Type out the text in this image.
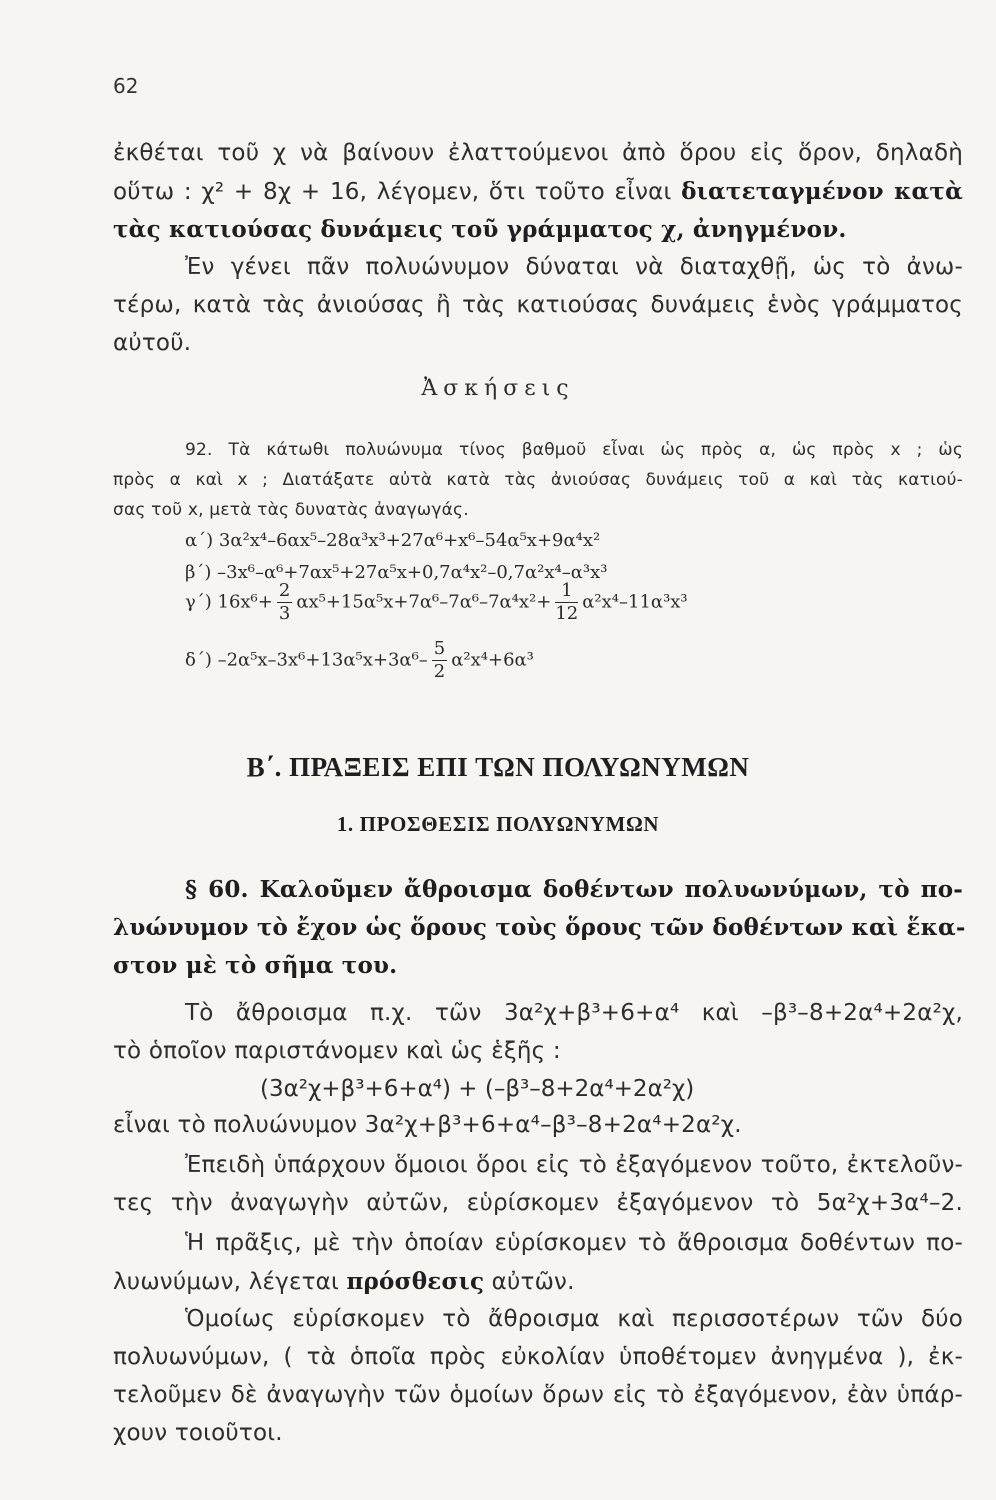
62
ἐκθέται τοῦ χ νὰ βαίνουν ἐλαττούμενοι ἀπὸ ὅρου εἰς ὅρον, δηλαδὴ
οὕτω : χ² + 8χ + 16, λέγομεν, ὅτι τοῦτο εἶναι διατεταγμένον κατὰ
τὰς κατιούσας δυνάμεις τοῦ γράμματος χ, ἀνηγμένον.
Ἐν γένει πᾶν πολυώνυμον δύναται νὰ διαταχθῇ, ὡς τὸ ἀνω-
τέρω, κατὰ τὰς ἀνιούσας ἢ τὰς κατιούσας δυνάμεις ἑνὸς γράμματος
αὐτοῦ.
Ἀσκήσεις
92. Τὰ κάτωθι πολυώνυμα τίνος βαθμοῦ εἶναι ὡς πρὸς α, ὡς πρὸς x ; ὡς
πρὸς α καὶ x ; Διατάξατε αὐτὰ κατὰ τὰς ἀνιούσας δυνάμεις τοῦ α καὶ τὰς κατιού-
σας τοῦ x, μετὰ τὰς δυνατὰς ἀναγωγάς.
α΄) 3α²x⁴–6αx⁵–28α³x³+27α⁶+x⁶–54α⁵x+9α⁴x²
β΄) –3x⁶–α⁶+7αx⁵+27α⁵x+0,7α⁴x²–0,7α²x⁴–α³x³
γ΄) $16x^6+ \frac{2}{3} \alpha x^5+15\alpha^5x+7\alpha^6-7\alpha^6-7\alpha^4x^2+ \frac{1}{12} \alpha^2x^4-11\alpha^3x^3$
δ΄) $-2\alpha^5x-3x^6+13\alpha^5x+3\alpha^6- \frac{5}{2} \alpha^2x^4+6\alpha^3$
Β΄. ΠΡΑΞΕΙΣ ΕΠΙ ΤΩΝ ΠΟΛΥΩΝΥΜΩΝ
1. ΠΡΟΣΘΕΣΙΣ ΠΟΛΥΩΝΥΜΩΝ
§ 60. Καλοῦμεν ἄθροισμα δοθέντων πολυωνύμων, τὸ πο-
λυώνυμον τὸ ἔχον ὡς ὅρους τοὺς ὅρους τῶν δοθέντων καὶ ἕκα-
στον μὲ τὸ σῆμα του.
Τὸ ἄθροισμα π.χ. τῶν 3α²χ+β³+6+α⁴ καὶ –β³–8+2α⁴+2α²χ,
τὸ ὁποῖον παριστάνομεν καὶ ὡς ἑξῆς :
(3α²χ+β³+6+α⁴) + (–β³–8+2α⁴+2α²χ)
εἶναι τὸ πολυώνυμον 3α²χ+β³+6+α⁴–β³–8+2α⁴+2α²χ.
Ἐπειδὴ ὑπάρχουν ὅμοιοι ὅροι εἰς τὸ ἐξαγόμενον τοῦτο, ἐκτελοῦν-
τες τὴν ἀναγωγὴν αὐτῶν, εὑρίσκομεν ἐξαγόμενον τὸ 5α²χ+3α⁴–2.
Ἡ πρᾶξις, μὲ τὴν ὁποίαν εὑρίσκομεν τὸ ἄθροισμα δοθέντων πο-
λυωνύμων, λέγεται πρόσθεσις αὐτῶν.
Ὁμοίως εὑρίσκομεν τὸ ἄθροισμα καὶ περισσοτέρων τῶν δύο
πολυωνύμων, ( τὰ ὁποῖα πρὸς εὐκολίαν ὑποθέτομεν ἀνηγμένα ), ἐκ-
τελοῦμεν δὲ ἀναγωγὴν τῶν ὁμοίων ὅρων εἰς τὸ ἐξαγόμενον, ἐὰν ὑπάρ-
χουν τοιοῦτοι.
